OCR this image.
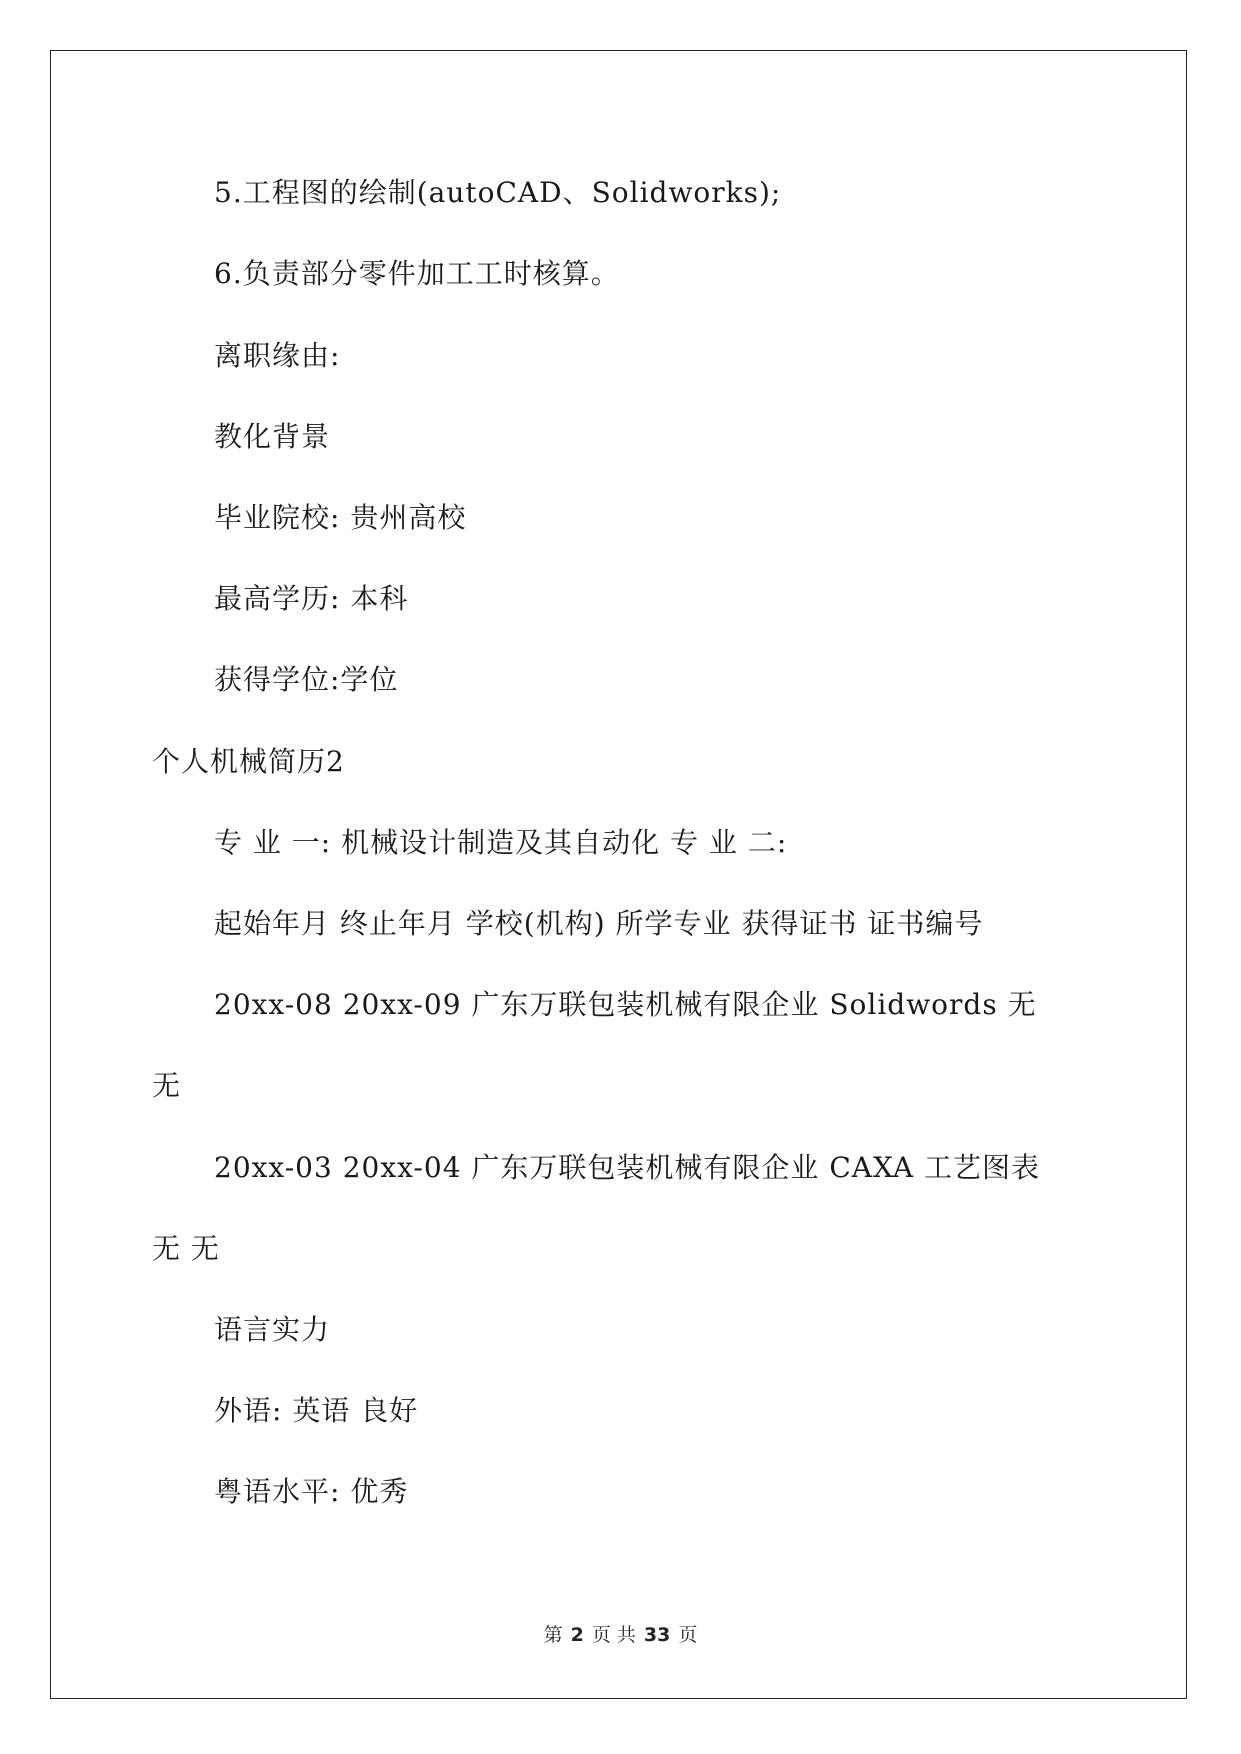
5.工程图的绘制(autoCAD、Solidworks);
6.负责部分零件加工工时核算。
离职缘由:
教化背景
毕业院校: 贵州高校
最高学历: 本科
获得学位:学位
个人机械简历2
专 业 一: 机械设计制造及其自动化 专 业 二:
起始年月 终止年月 学校(机构) 所学专业 获得证书 证书编号
20xx-08 20xx-09 广东万联包装机械有限企业 Solidwords 无
无
20xx-03 20xx-04 广东万联包装机械有限企业 CAXA 工艺图表
无 无
语言实力
外语: 英语 良好
粤语水平: 优秀
第 2 页 共 33 页
